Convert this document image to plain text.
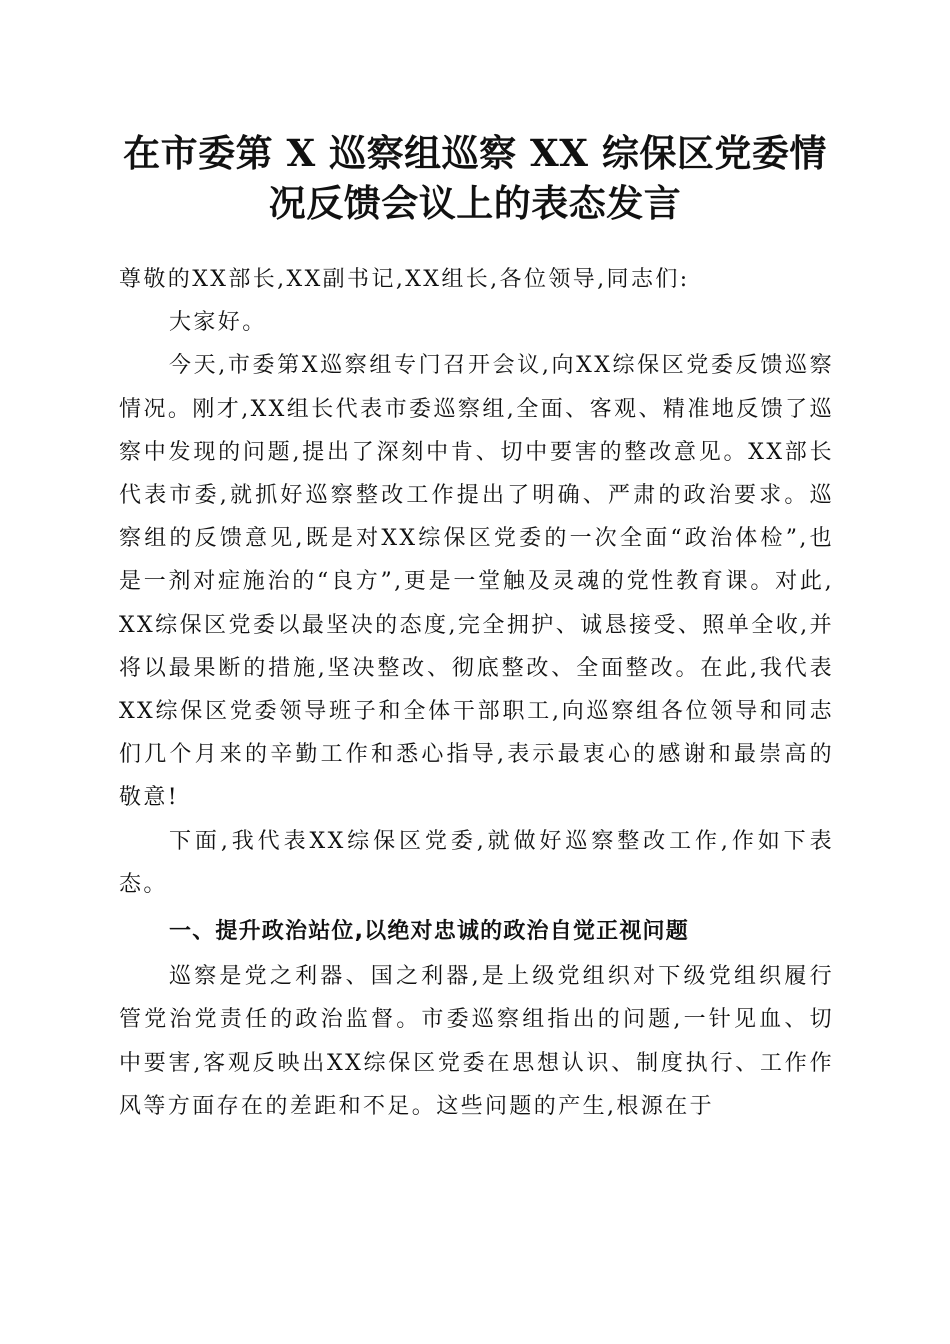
在市委第 X 巡察组巡察 XX 综保区党委情况反馈会议上的表态发言

尊敬的XX部长,XX副书记,XX组长,各位领导,同志们:

大家好。

今天,市委第X巡察组专门召开会议,向XX综保区党委反馈巡察情况。刚才,XX组长代表市委巡察组,全面、客观、精准地反馈了巡察中发现的问题,提出了深刻中肯、切中要害的整改意见。XX部长代表市委,就抓好巡察整改工作提出了明确、严肃的政治要求。巡察组的反馈意见,既是对XX综保区党委的一次全面“政治体检”,也是一剂对症施治的“良方”,更是一堂触及灵魂的党性教育课。对此,XX综保区党委以最坚决的态度,完全拥护、诚恳接受、照单全收,并将以最果断的措施,坚决整改、彻底整改、全面整改。在此,我代表XX综保区党委领导班子和全体干部职工,向巡察组各位领导和同志们几个月来的辛勤工作和悉心指导,表示最衷心的感谢和最崇高的敬意!

下面,我代表XX综保区党委,就做好巡察整改工作,作如下表态。

一、提升政治站位,以绝对忠诚的政治自觉正视问题

巡察是党之利器、国之利器,是上级党组织对下级党组织履行管党治党责任的政治监督。市委巡察组指出的问题,一针见血、切中要害,客观反映出XX综保区党委在思想认识、制度执行、工作作风等方面存在的差距和不足。这些问题的产生,根源在于
